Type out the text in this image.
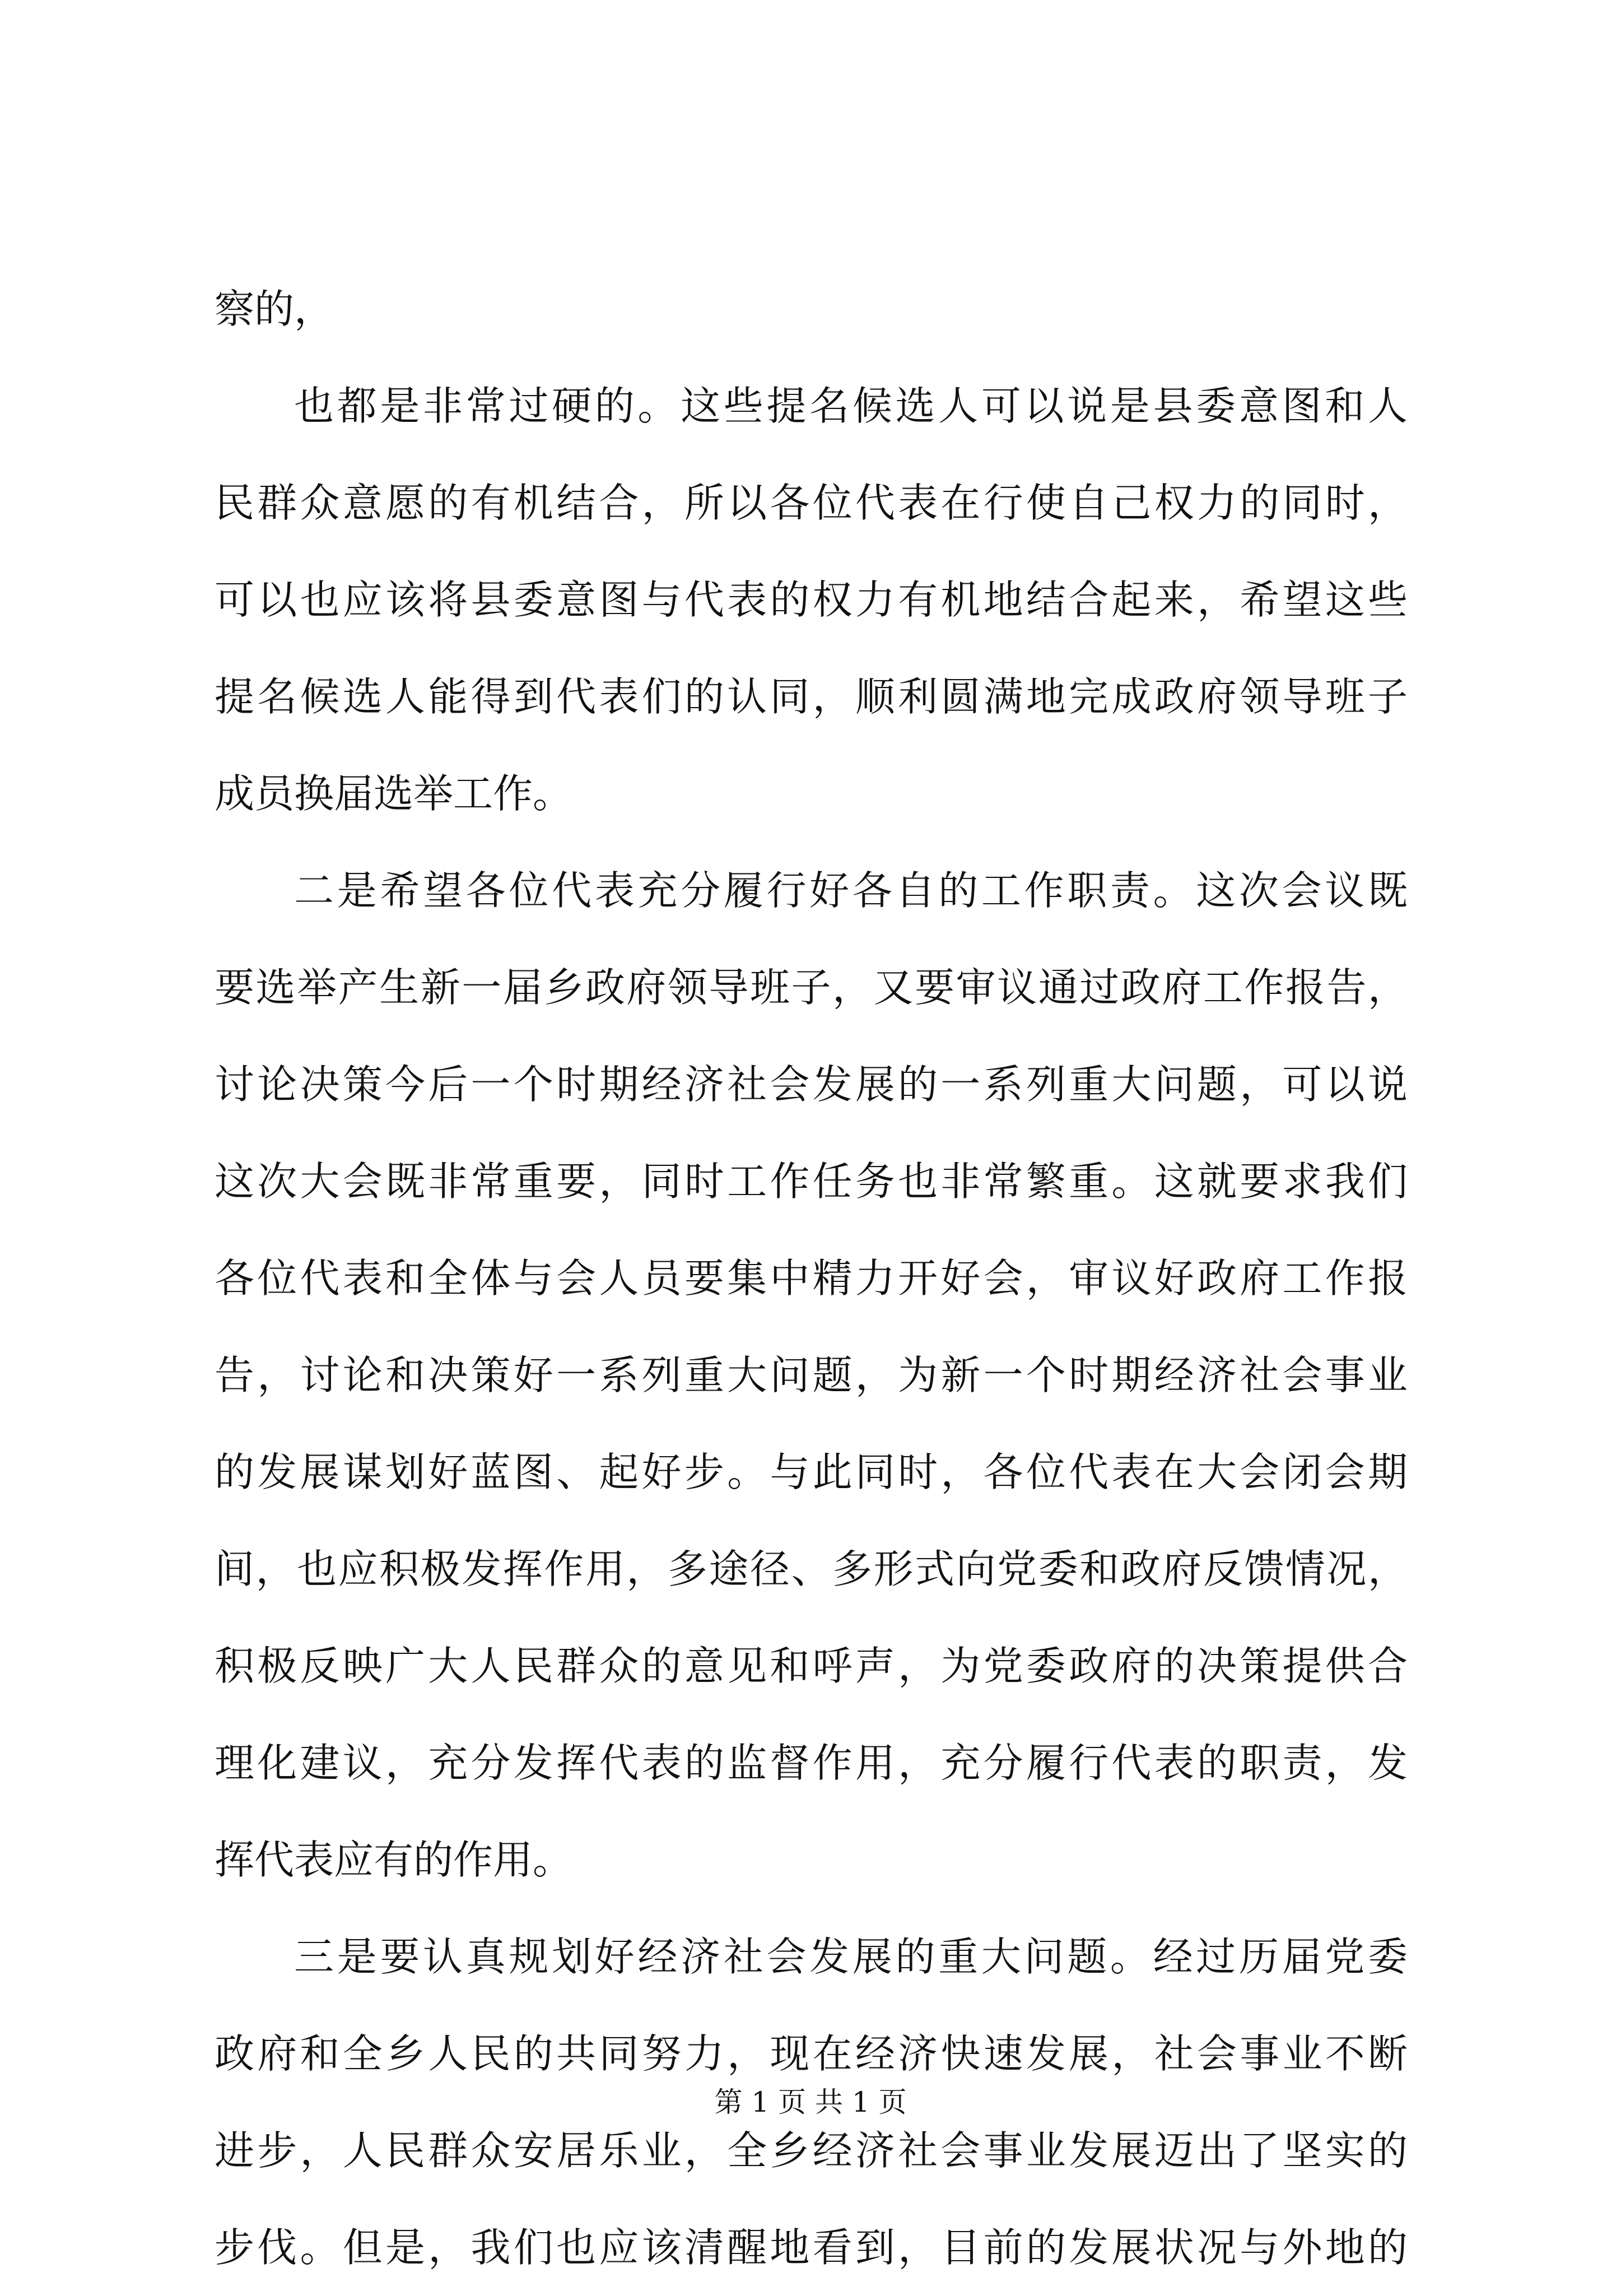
察的，
也都是非常过硬的。这些提名候选人可以说是县委意图和人
民群众意愿的有机结合，所以各位代表在行使自己权力的同时，
可以也应该将县委意图与代表的权力有机地结合起来，希望这些
提名候选人能得到代表们的认同，顺利圆满地完成政府领导班子
成员换届选举工作。
二是希望各位代表充分履行好各自的工作职责。这次会议既
要选举产生新一届乡政府领导班子，又要审议通过政府工作报告，
讨论决策今后一个时期经济社会发展的一系列重大问题，可以说
这次大会既非常重要，同时工作任务也非常繁重。这就要求我们
各位代表和全体与会人员要集中精力开好会，审议好政府工作报
告，讨论和决策好一系列重大问题，为新一个时期经济社会事业
的发展谋划好蓝图、起好步。与此同时，各位代表在大会闭会期
间，也应积极发挥作用，多途径、多形式向党委和政府反馈情况，
积极反映广大人民群众的意见和呼声，为党委政府的决策提供合
理化建议，充分发挥代表的监督作用，充分履行代表的职责，发
挥代表应有的作用。
三是要认真规划好经济社会发展的重大问题。经过历届党委
政府和全乡人民的共同努力，现在经济快速发展，社会事业不断
进步，人民群众安居乐业，全乡经济社会事业发展迈出了坚实的
步伐。但是，我们也应该清醒地看到，目前的发展状况与外地的
第 1 页 共 1 页
